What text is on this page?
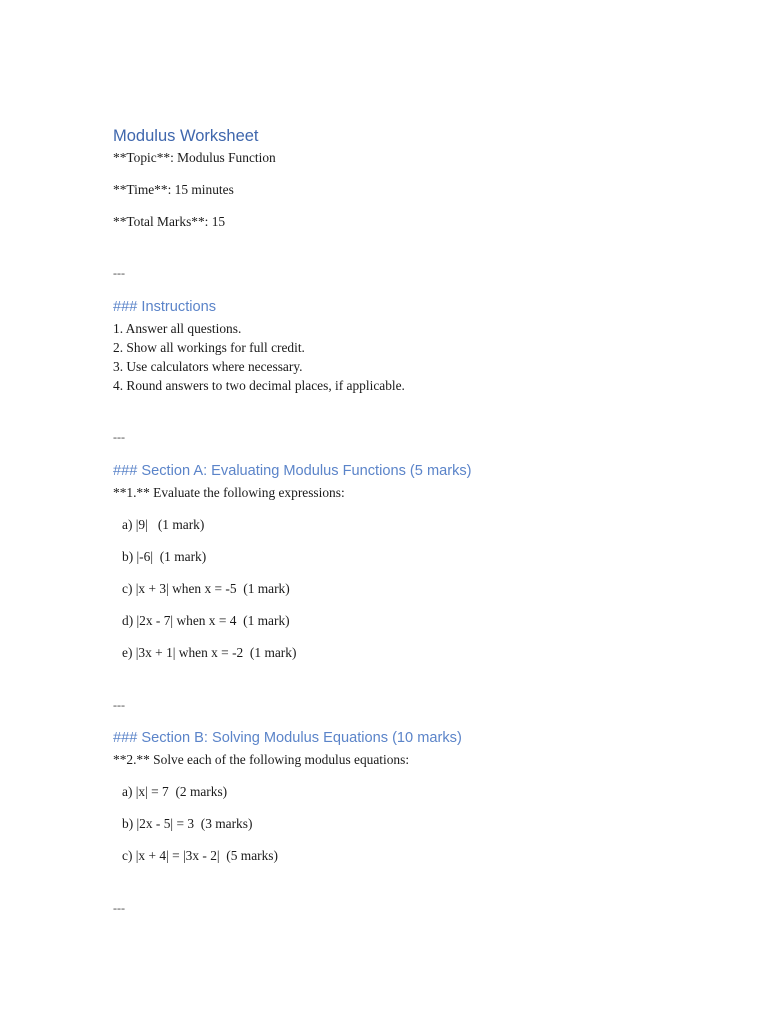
Modulus Worksheet
**Topic**: Modulus Function
**Time**: 15 minutes
**Total Marks**: 15
---
### Instructions
1. Answer all questions.
2. Show all workings for full credit.
3. Use calculators where necessary.
4. Round answers to two decimal places, if applicable.
---
### Section A: Evaluating Modulus Functions (5 marks)
**1.** Evaluate the following expressions:
a) |9|   (1 mark)
b) |-6|  (1 mark)
c) |x + 3| when x = -5  (1 mark)
d) |2x - 7| when x = 4  (1 mark)
e) |3x + 1| when x = -2  (1 mark)
---
### Section B: Solving Modulus Equations (10 marks)
**2.** Solve each of the following modulus equations:
a) |x| = 7  (2 marks)
b) |2x - 5| = 3  (3 marks)
c) |x + 4| = |3x - 2|  (5 marks)
---
